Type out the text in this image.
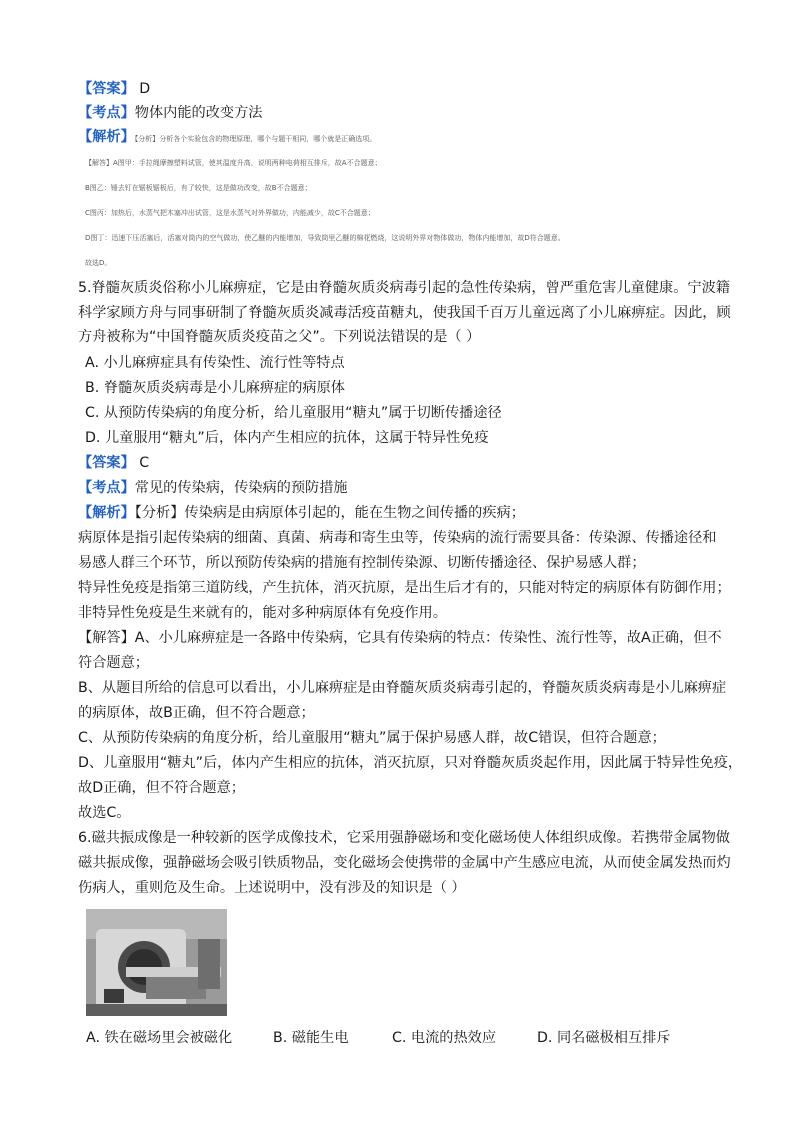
【答案】 D
【考点】物体内能的改变方法
【解析】【分析】分析各个实验包含的物理原理，哪个与题干相同，哪个就是正确选项。
【解答】A图甲：手拉绳摩擦塑料试管，使其温度升高，说明两种电荷相互排斥，故A不合题意；
B图乙：锤去钉在锯板锯板后，有了较快，这是做功改变，故B不合题意；
C图丙：加热后，水蒸气把木塞冲出试管，这是水蒸气对外界做功，内能减少，故C不合题意；
D图丁：迅速下压活塞后，活塞对筒内的空气做功，使乙醚的内能增加，导致筒里乙醚的棉花燃烧，这说明外界对物体做功，物体内能增加，故D符合题意。
故选D。
5.脊髓灰质炎俗称小儿麻痹症，它是由脊髓灰质炎病毒引起的急性传染病，曾严重危害儿童健康。宁波籍
科学家顾方舟与同事研制了脊髓灰质炎减毒活疫苗糖丸，使我国千百万儿童远离了小儿麻痹症。因此，顾
方舟被称为“中国脊髓灰质炎疫苗之父”。下列说法错误的是（ ）
A. 小儿麻痹症具有传染性、流行性等特点
B. 脊髓灰质炎病毒是小儿麻痹症的病原体
C. 从预防传染病的角度分析，给儿童服用“糖丸”属于切断传播途径
D. 儿童服用“糖丸”后，体内产生相应的抗体，这属于特异性免疫
【答案】 C
【考点】常见的传染病，传染病的预防措施
【解析】【分析】传染病是由病原体引起的，能在生物之间传播的疾病；
病原体是指引起传染病的细菌、真菌、病毒和寄生虫等，传染病的流行需要具备：传染源、传播途径和
易感人群三个环节，所以预防传染病的措施有控制传染源、切断传播途径、保护易感人群；
特异性免疫是指第三道防线，产生抗体，消灭抗原，是出生后才有的，只能对特定的病原体有防御作用；
非特异性免疫是生来就有的，能对多种病原体有免疫作用。
【解答】A、小儿麻痹症是一各路中传染病，它具有传染病的特点：传染性、流行性等，故A正确，但不
符合题意；
B、从题目所给的信息可以看出，小儿麻痹症是由脊髓灰质炎病毒引起的，脊髓灰质炎病毒是小儿麻痹症
的病原体，故B正确，但不符合题意；
C、从预防传染病的角度分析，给儿童服用“糖丸”属于保护易感人群，故C错误，但符合题意；
D、儿童服用“糖丸”后，体内产生相应的抗体，消灭抗原，只对脊髓灰质炎起作用，因此属于特异性免疫，
故D正确，但不符合题意；
故选C。
6.磁共振成像是一种较新的医学成像技术，它采用强静磁场和变化磁场使人体组织成像。若携带金属物做
磁共振成像，强静磁场会吸引铁质物品，变化磁场会使携带的金属中产生感应电流，从而使金属发热而灼
伤病人，重则危及生命。上述说明中，没有涉及的知识是（ ）
A. 铁在磁场里会被磁化	B. 磁能生电	C. 电流的热效应	D. 同名磁极相互排斥
